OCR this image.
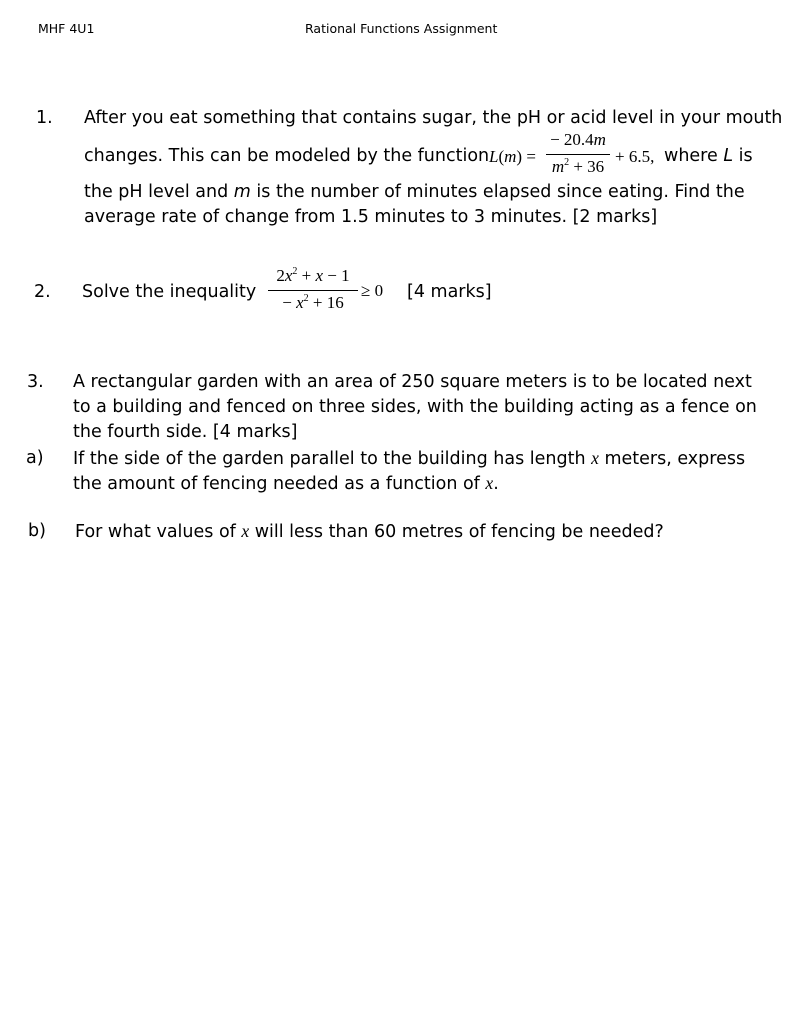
MHF 4U1	Rational Functions Assignment
1. After you eat something that contains sugar, the pH or acid level in your mouth
changes. This can be modeled by the function L(m) =
− 20.4m
$m^2 + 36$
+ 6.5, where L is
the pH level and m is the number of minutes elapsed since eating. Find the
average rate of change from 1.5 minutes to 3 minutes. [2 marks]
2. Solve the inequality
$2x^2 + x - 1$
− $x^2 + 16$
≥ 0 [4 marks]
3. A rectangular garden with an area of 250 square meters is to be located next
to a building and fenced on three sides, with the building acting as a fence on
the fourth side. [4 marks]
a) If the side of the garden parallel to the building has length x meters, express
the amount of fencing needed as a function of x.
b) For what values of x will less than 60 metres of fencing be needed?
